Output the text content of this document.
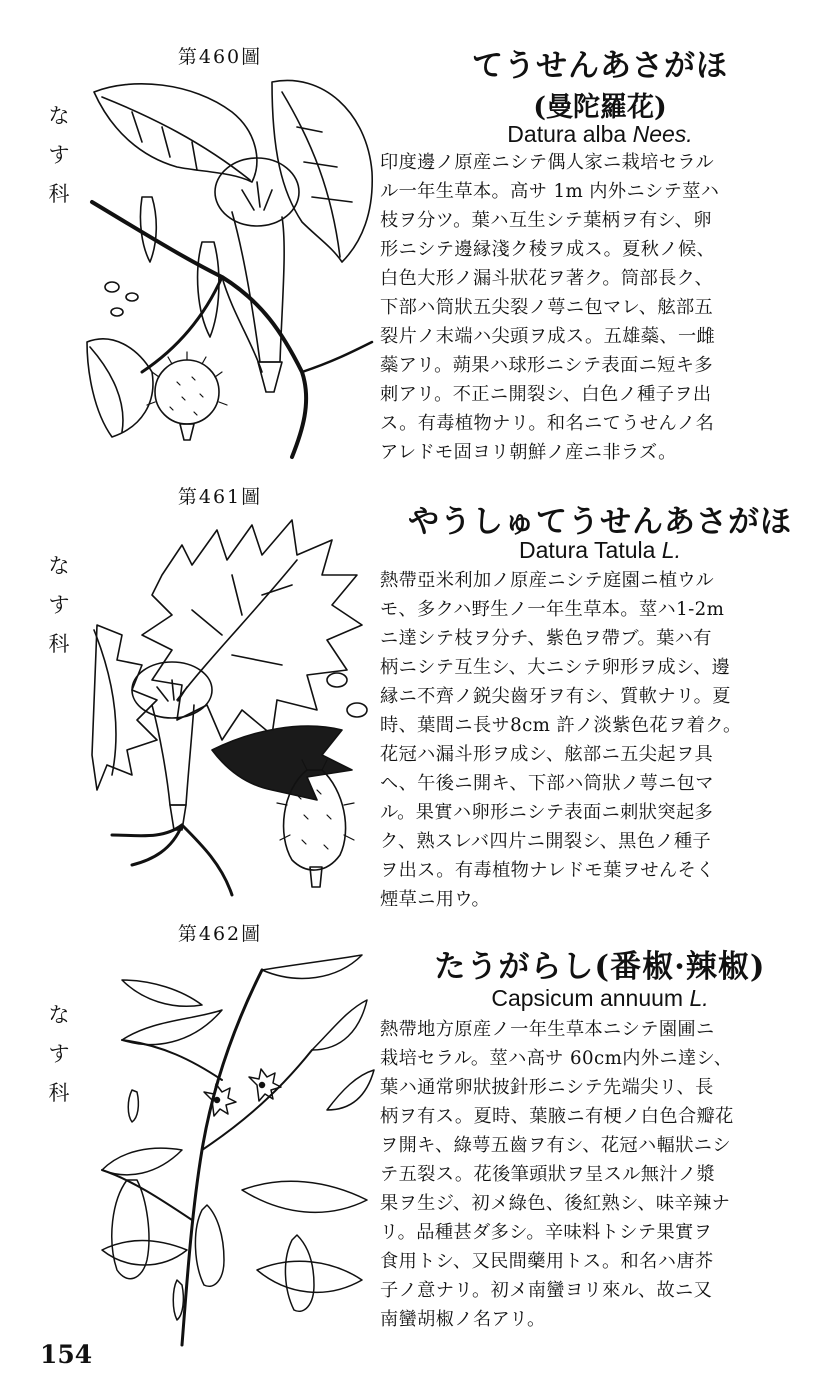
第460圖
な
す
科
てうせんあさがほ
(曼陀羅花)
Datura alba Nees.
印度邊ノ原産ニシテ偶人家ニ栽培セラル
ル一年生草本。高サ 1m 内外ニシテ莖ハ
枝ヲ分ツ。葉ハ互生シテ葉柄ヲ有シ、卵
形ニシテ邊縁淺ク稜ヲ成ス。夏秋ノ候、
白色大形ノ漏斗狀花ヲ著ク。筒部長ク、
下部ハ筒狀五尖裂ノ萼ニ包マレ、舷部五
裂片ノ末端ハ尖頭ヲ成ス。五雄蘂、一雌
蘂アリ。蒴果ハ球形ニシテ表面ニ短キ多
刺アリ。不正ニ開裂シ、白色ノ種子ヲ出
ス。有毒植物ナリ。和名ニてうせんノ名
アレドモ固ヨリ朝鮮ノ産ニ非ラズ。
第461圖
な
す
科
やうしゅてうせんあさがほ
Datura Tatula L.
熱帶亞米利加ノ原産ニシテ庭園ニ植ウル
モ、多クハ野生ノ一年生草本。莖ハ1-2m
ニ達シテ枝ヲ分チ、紫色ヲ帶ブ。葉ハ有
柄ニシテ互生シ、大ニシテ卵形ヲ成シ、邊
縁ニ不齊ノ鋭尖齒牙ヲ有シ、質軟ナリ。夏
時、葉間ニ長サ8cm 許ノ淡紫色花ヲ着ク。
花冠ハ漏斗形ヲ成シ、舷部ニ五尖起ヲ具
ヘ、午後ニ開キ、下部ハ筒狀ノ萼ニ包マ
ル。果實ハ卵形ニシテ表面ニ刺狀突起多
ク、熟スレバ四片ニ開裂シ、黒色ノ種子
ヲ出ス。有毒植物ナレドモ葉ヲせんそく
煙草ニ用ウ。
第462圖
な
す
科
たうがらし(番椒·辣椒)
Capsicum annuum L.
熱帶地方原産ノ一年生草本ニシテ園圃ニ
栽培セラル。莖ハ高サ 60cm内外ニ達シ、
葉ハ通常卵狀披針形ニシテ先端尖リ、長
柄ヲ有ス。夏時、葉腋ニ有梗ノ白色合瓣花
ヲ開キ、綠萼五齒ヲ有シ、花冠ハ輻狀ニシ
テ五裂ス。花後筆頭狀ヲ呈スル無汁ノ漿
果ヲ生ジ、初メ綠色、後紅熟シ、味辛辣ナ
リ。品種甚ダ多シ。辛味料トシテ果實ヲ
食用トシ、又民間藥用トス。和名ハ唐芥
子ノ意ナリ。初メ南蠻ヨリ來ル、故ニ又
南蠻胡椒ノ名アリ。
154
